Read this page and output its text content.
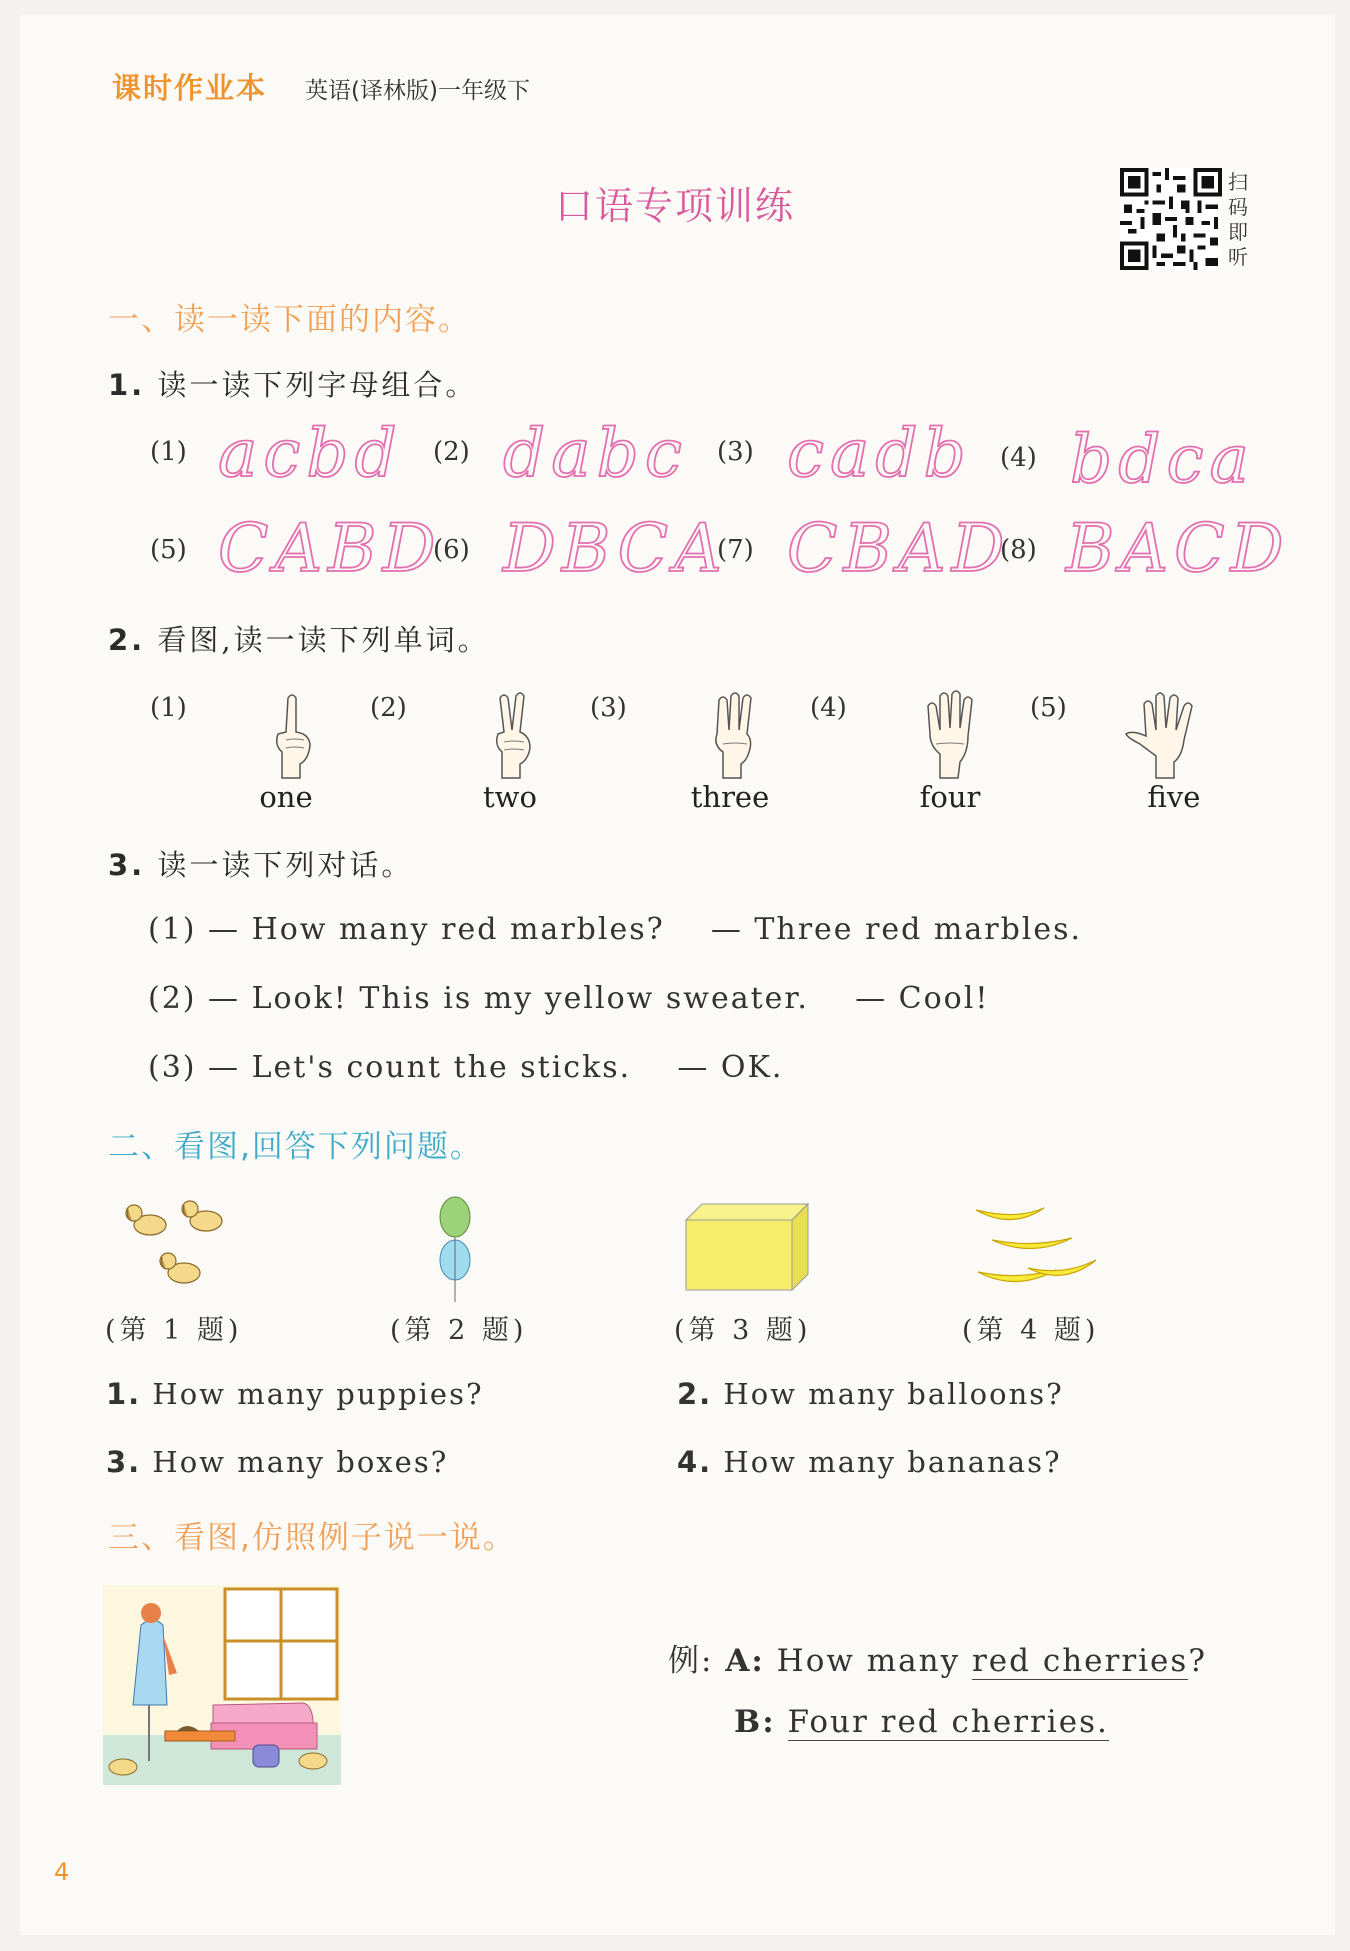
课时作业本 英语(译林版)一年级下
口语专项训练
扫码即听
一、读一读下面的内容。
1. 读一读下列字母组合。
(1) acbd (2) dabc (3) cadb (4) bdca
(5) CABD
(6) DBCA
(7) CBAD
(8) BACD
2. 看图,读一读下列单词。
(1)
one
(2)
two
(3)
three
(4)
four
(5)
five
3. 读一读下列对话。
(1) — How many red marbles?    — Three red marbles.
(2) — Look! This is my yellow sweater.    — Cool!
(3) — Let's count the sticks.    — OK.
二、看图,回答下列问题。
(第 1 题)	(第 2 题)	(第 3 题)	(第 4 题)
1. How many puppies?	2. How many balloons?
3. How many boxes?	4. How many bananas?
三、看图,仿照例子说一说。
例: A: How many red cherries?
B: Four red cherries.
4
